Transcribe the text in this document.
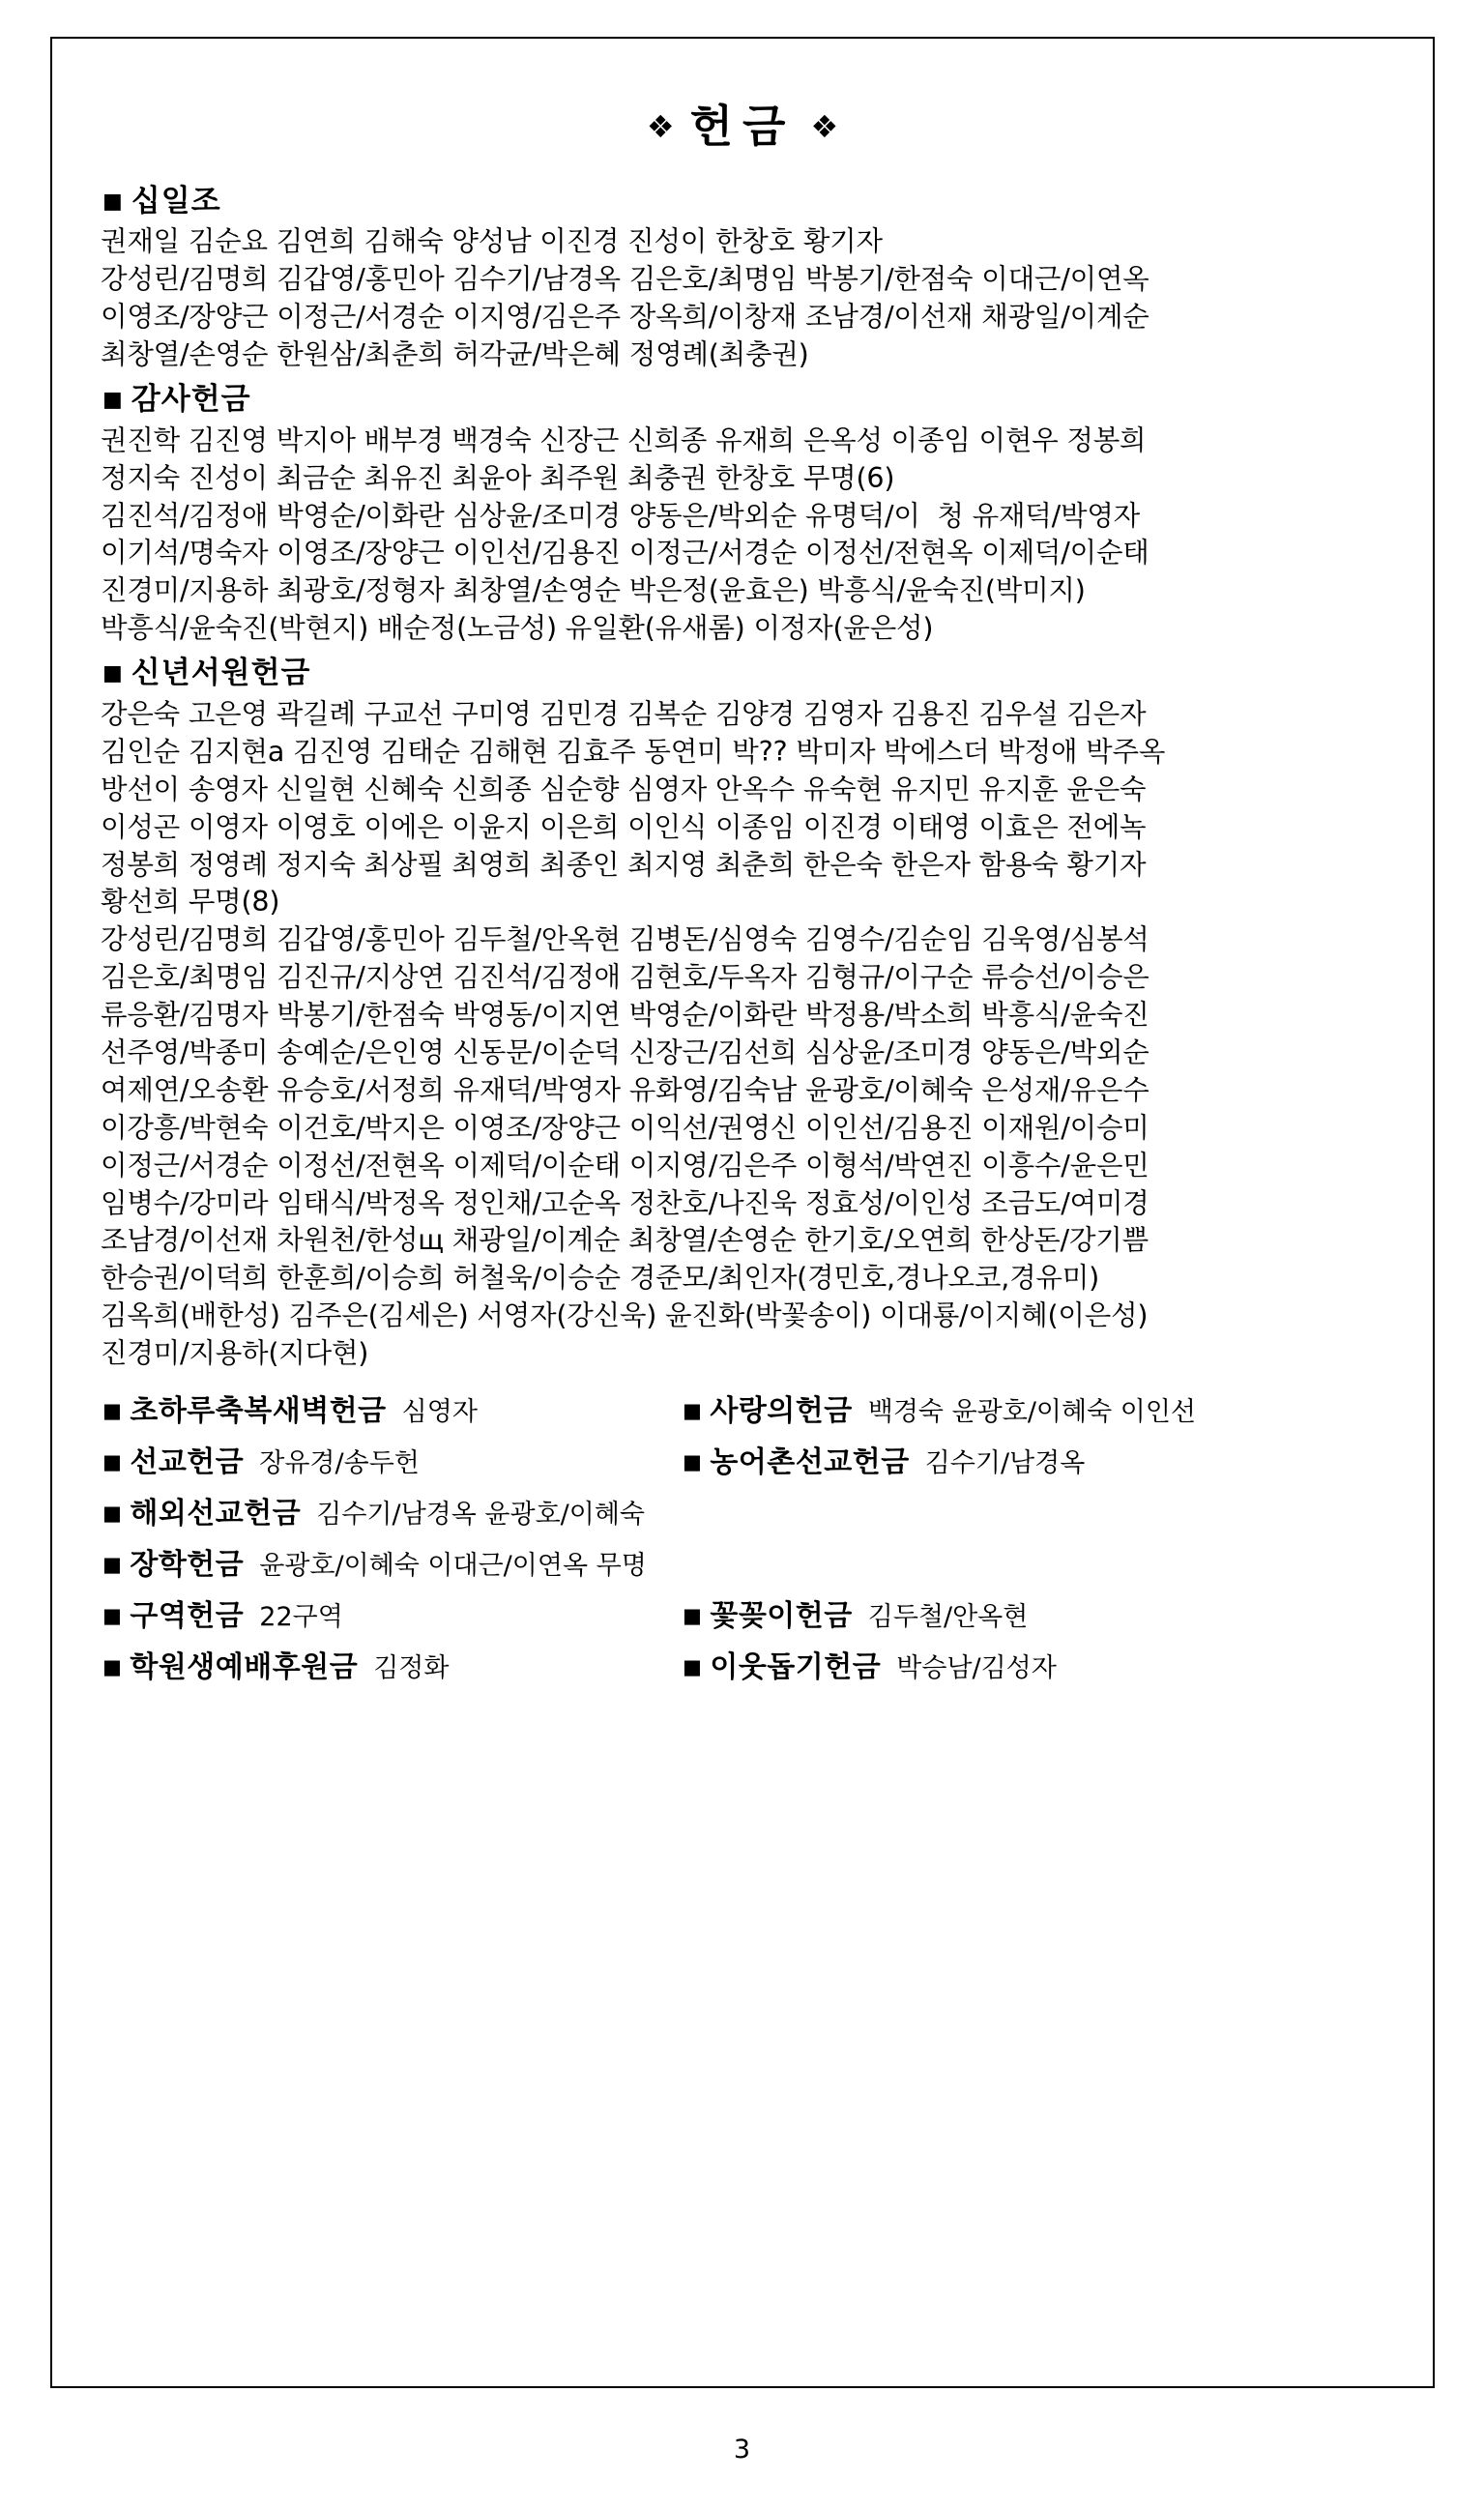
❖ 헌금 ❖
■ 십일조
권재일 김순요 김연희 김해숙 양성남 이진경 진성이 한창호 황기자
강성린/김명희 김갑영/홍민아 김수기/남경옥 김은호/최명임 박봉기/한점숙 이대근/이연옥
이영조/장양근 이정근/서경순 이지영/김은주 장옥희/이창재 조남경/이선재 채광일/이계순
최창열/손영순 한원삼/최춘희 허각균/박은혜 정영례(최충권)
■ 감사헌금
권진학 김진영 박지아 배부경 백경숙 신장근 신희종 유재희 은옥성 이종임 이현우 정봉희
정지숙 진성이 최금순 최유진 최윤아 최주원 최충권 한창호 무명(6)
김진석/김정애 박영순/이화란 심상윤/조미경 양동은/박외순 유명덕/이  청 유재덕/박영자
이기석/명숙자 이영조/장양근 이인선/김용진 이정근/서경순 이정선/전현옥 이제덕/이순태
진경미/지용하 최광호/정형자 최창열/손영순 박은정(윤효은) 박흥식/윤숙진(박미지)
박흥식/윤숙진(박현지) 배순정(노금성) 유일환(유새롬) 이정자(윤은성)
■ 신년서원헌금
강은숙 고은영 곽길례 구교선 구미영 김민경 김복순 김양경 김영자 김용진 김우설 김은자
김인순 김지현a 김진영 김태순 김해현 김효주 동연미 박?? 박미자 박에스더 박정애 박주옥
방선이 송영자 신일현 신혜숙 신희종 심순향 심영자 안옥수 유숙현 유지민 유지훈 윤은숙
이성곤 이영자 이영호 이에은 이윤지 이은희 이인식 이종임 이진경 이태영 이효은 전에녹
정봉희 정영례 정지숙 최상필 최영희 최종인 최지영 최춘희 한은숙 한은자 함용숙 황기자
황선희 무명(8)
강성린/김명희 김갑영/홍민아 김두철/안옥현 김병돈/심영숙 김영수/김순임 김욱영/심봉석
김은호/최명임 김진규/지상연 김진석/김정애 김현호/두옥자 김형규/이구순 류승선/이승은
류응환/김명자 박봉기/한점숙 박영동/이지연 박영순/이화란 박정용/박소희 박흥식/윤숙진
선주영/박종미 송예순/은인영 신동문/이순덕 신장근/김선희 심상윤/조미경 양동은/박외순
여제연/오송환 유승호/서정희 유재덕/박영자 유화영/김숙남 윤광호/이혜숙 은성재/유은수
이강흥/박현숙 이건호/박지은 이영조/장양근 이익선/권영신 이인선/김용진 이재원/이승미
이정근/서경순 이정선/전현옥 이제덕/이순태 이지영/김은주 이형석/박연진 이흥수/윤은민
임병수/강미라 임태식/박정옥 정인채/고순옥 정찬호/나진욱 정효성/이인성 조금도/여미경
조남경/이선재 차원천/한성щ 채광일/이계순 최창열/손영순 한기호/오연희 한상돈/강기쁨
한승권/이덕희 한훈희/이승희 허철욱/이승순 경준모/최인자(경민호,경나오코,경유미)
김옥희(배한성) 김주은(김세은) 서영자(강신욱) 윤진화(박꽃송이) 이대룡/이지혜(이은성)
진경미/지용하(지다현)
■ 초하루축복새벽헌금 심영자	■ 사랑의헌금 백경숙 윤광호/이혜숙 이인선
■ 선교헌금 장유경/송두헌	■ 농어촌선교헌금 김수기/남경옥
■ 해외선교헌금 김수기/남경옥 윤광호/이혜숙
■ 장학헌금 윤광호/이혜숙 이대근/이연옥 무명
■ 구역헌금 22구역	■ 꽃꽂이헌금 김두철/안옥현
■ 학원생예배후원금 김정화	■ 이웃돕기헌금 박승남/김성자
3
